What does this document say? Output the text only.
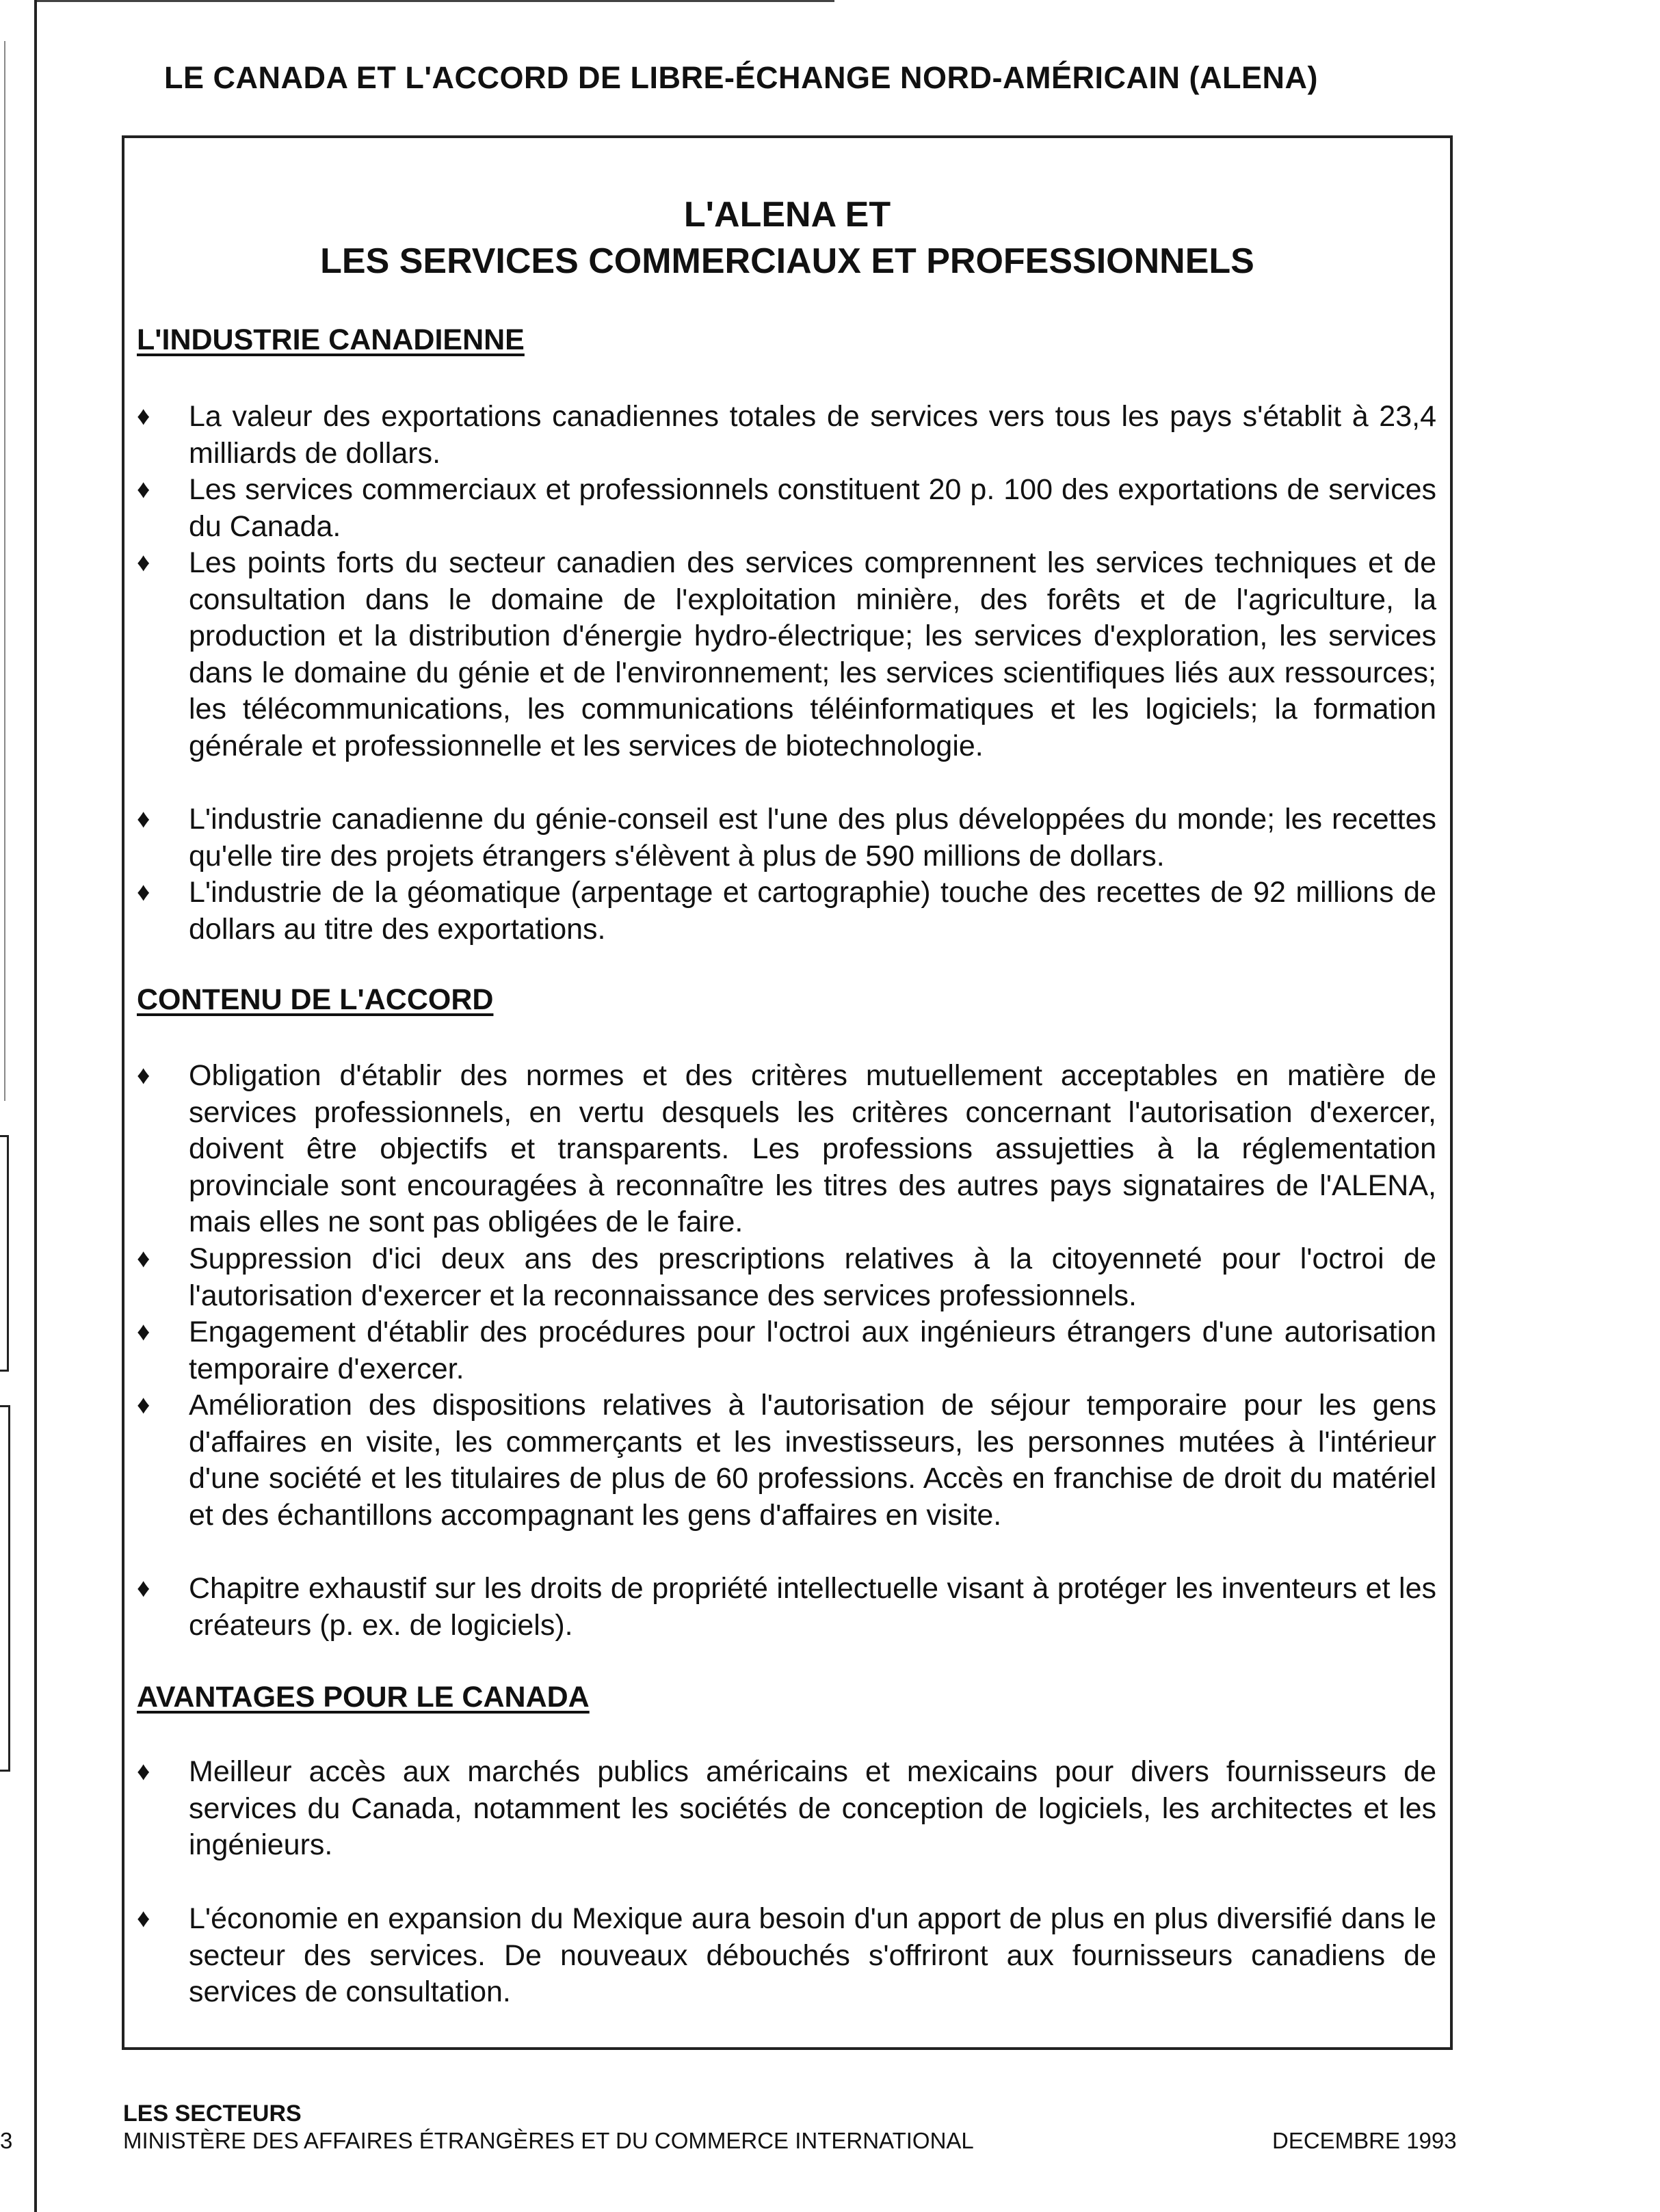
LE CANADA ET L'ACCORD DE LIBRE-ÉCHANGE NORD-AMÉRICAIN (ALENA)
L'ALENA ET
LES SERVICES COMMERCIAUX ET PROFESSIONNELS
L'INDUSTRIE CANADIENNE
♦	La valeur des exportations canadiennes totales de services vers tous les pays s'établit à 23,4 milliards de dollars.
♦	Les services commerciaux et professionnels constituent 20 p. 100 des exportations de services du Canada.
♦	Les points forts du secteur canadien des services comprennent les services techniques et de consultation dans le domaine de l'exploitation minière, des forêts et de l'agriculture, la production et la distribution d'énergie hydro-électrique; les services d'exploration, les services dans le domaine du génie et de l'environnement; les services scientifiques liés aux ressources; les télécommunications, les communications téléinformatiques et les logiciels; la formation générale et professionnelle et les services de biotechnologie.
♦	L'industrie canadienne du génie-conseil est l'une des plus développées du monde; les recettes qu'elle tire des projets étrangers s'élèvent à plus de 590 millions de dollars.
♦	L'industrie de la géomatique (arpentage et cartographie) touche des recettes de 92 millions de dollars au titre des exportations.
CONTENU DE L'ACCORD
♦	Obligation d'établir des normes et des critères mutuellement acceptables en matière de services professionnels, en vertu desquels les critères concernant l'autorisation d'exercer, doivent être objectifs et transparents. Les professions assujetties à la réglementation provinciale sont encouragées à reconnaître les titres des autres pays signataires de l'ALENA, mais elles ne sont pas obligées de le faire.
♦	Suppression d'ici deux ans des prescriptions relatives à la citoyenneté pour l'octroi de l'autorisation d'exercer et la reconnaissance des services professionnels.
♦	Engagement d'établir des procédures pour l'octroi aux ingénieurs étrangers d'une autorisation temporaire d'exercer.
♦	Amélioration des dispositions relatives à l'autorisation de séjour temporaire pour les gens d'affaires en visite, les commerçants et les investisseurs, les personnes mutées à l'intérieur d'une société et les titulaires de plus de 60 professions. Accès en franchise de droit du matériel et des échantillons accompagnant les gens d'affaires en visite.
♦	Chapitre exhaustif sur les droits de propriété intellectuelle visant à protéger les inventeurs et les créateurs (p. ex. de logiciels).
AVANTAGES POUR LE CANADA
♦	Meilleur accès aux marchés publics américains et mexicains pour divers fournisseurs de services du Canada, notamment les sociétés de conception de logiciels, les architectes et les ingénieurs.
♦	L'économie en expansion du Mexique aura besoin d'un apport de plus en plus diversifié dans le secteur des services. De nouveaux débouchés s'offriront aux fournisseurs canadiens de services de consultation.
3
LES SECTEURS
MINISTÈRE DES AFFAIRES ÉTRANGÈRES ET DU COMMERCE INTERNATIONAL	DECEMBRE 1993
